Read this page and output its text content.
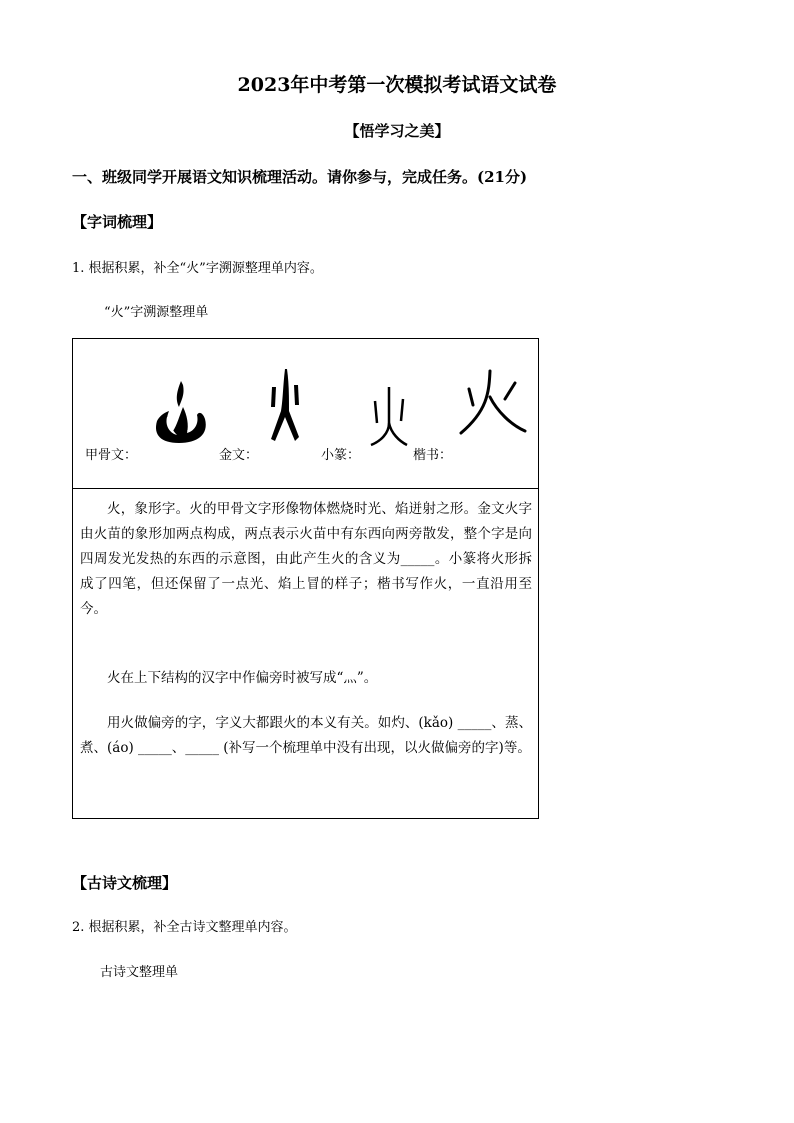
2023年中考第一次模拟考试语文试卷
【悟学习之美】
一、班级同学开展语文知识梳理活动。请你参与，完成任务。(21分)
【字词梳理】
1. 根据积累，补全“火”字溯源整理单内容。
“火”字溯源整理单
甲骨文：	金文：	小篆：	楷书：
火，象形字。火的甲骨文字形像物体燃烧时光、焰迸射之形。金文火字由火苗的象形加两点构成，两点表示火苗中有东西向两旁散发，整个字是向四周发光发热的东西的示意图，由此产生火的含义为_____。小篆将火形拆成了四笔，但还保留了一点光、焰上冒的样子；楷书写作火，一直沿用至今。
火在上下结构的汉字中作偏旁时被写成“灬”。
用火做偏旁的字，字义大都跟火的本义有关。如灼、(kǎo) _____、蒸、煮、(áo) _____、_____ (补写一个梳理单中没有出现，以火做偏旁的字)等。
【古诗文梳理】
2. 根据积累，补全古诗文整理单内容。
古诗文整理单
